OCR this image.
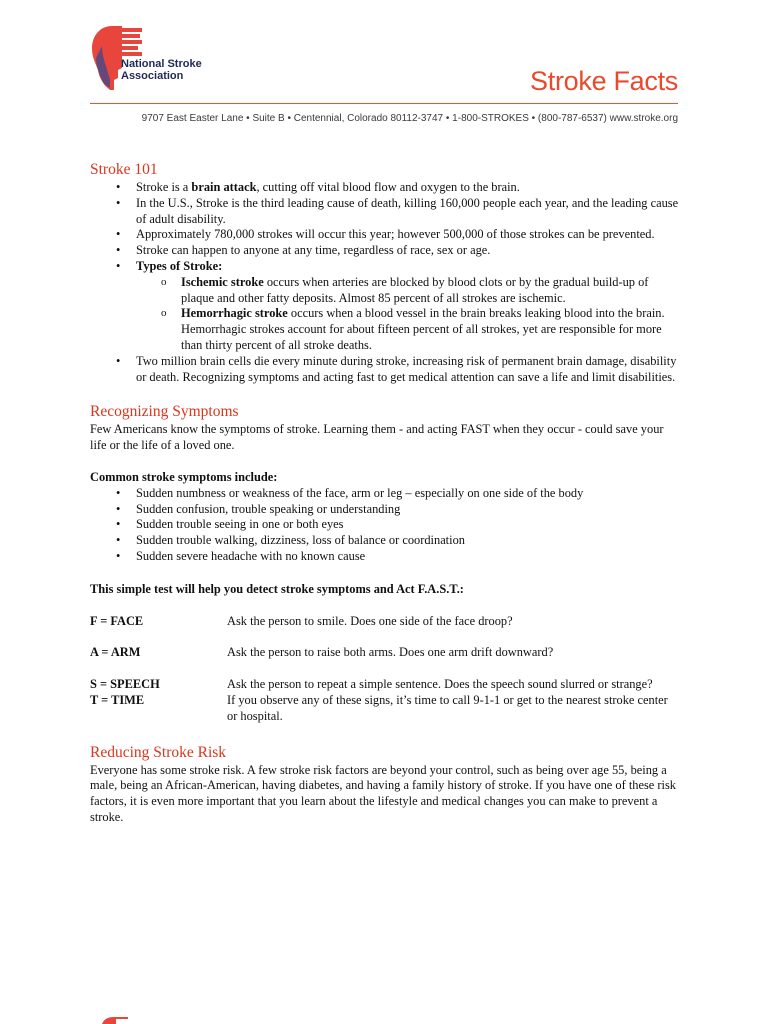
National Stroke
Association	Stroke Facts
9707 East Easter Lane • Suite B • Centennial, Colorado 80112-3747 • 1-800-STROKES • (800-787-6537) www.stroke.org
Stroke 101
• Stroke is a brain attack, cutting off vital blood flow and oxygen to the brain.
• In the U.S., Stroke is the third leading cause of death, killing 160,000 people each year, and the leading cause of adult disability.
• Approximately 780,000 strokes will occur this year; however 500,000 of those strokes can be prevented.
• Stroke can happen to anyone at any time, regardless of race, sex or age.
• Types of Stroke:
o Ischemic stroke occurs when arteries are blocked by blood clots or by the gradual build-up of plaque and other fatty deposits. Almost 85 percent of all strokes are ischemic.
o Hemorrhagic stroke occurs when a blood vessel in the brain breaks leaking blood into the brain. Hemorrhagic strokes account for about fifteen percent of all strokes, yet are responsible for more than thirty percent of all stroke deaths.
• Two million brain cells die every minute during stroke, increasing risk of permanent brain damage, disability or death. Recognizing symptoms and acting fast to get medical attention can save a life and limit disabilities.
Recognizing Symptoms

Few Americans know the symptoms of stroke. Learning them - and acting FAST when they occur - could save your life or the life of a loved one.

Common stroke symptoms include:

• Sudden numbness or weakness of the face, arm or leg – especially on one side of the body
• Sudden confusion, trouble speaking or understanding
• Sudden trouble seeing in one or both eyes
• Sudden trouble walking, dizziness, loss of balance or coordination
• Sudden severe headache with no known cause

This simple test will help you detect stroke symptoms and Act F.A.S.T.:

F = FACE	Ask the person to smile. Does one side of the face droop?
A = ARM	Ask the person to raise both arms. Does one arm drift downward?
S = SPEECH	Ask the person to repeat a simple sentence. Does the speech sound slurred or strange?
T = TIME	If you observe any of these signs, it’s time to call 9-1-1 or get to the nearest stroke center or hospital.
Reducing Stroke Risk

Everyone has some stroke risk. A few stroke risk factors are beyond your control, such as being over age 55, being a male, being an African-American, having diabetes, and having a family history of stroke. If you have one of these risk factors, it is even more important that you learn about the lifestyle and medical changes you can make to prevent a stroke.
